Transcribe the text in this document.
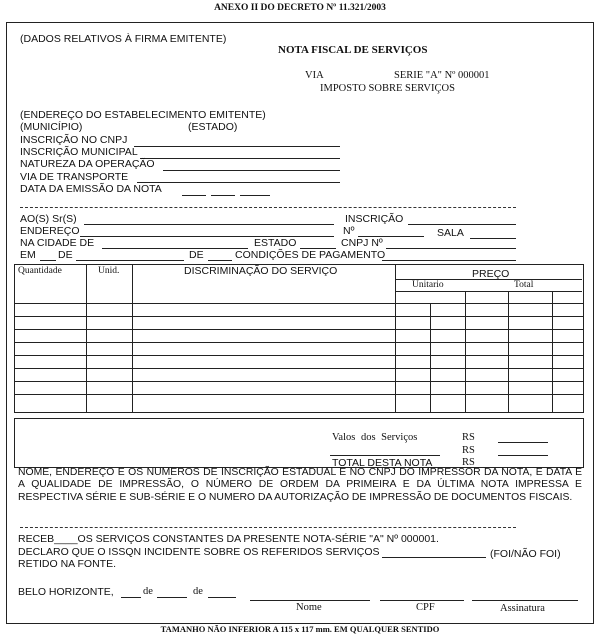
ANEXO II DO DECRETO Nº 11.321/2003
(DADOS RELATIVOS À FIRMA EMITENTE)
NOTA FISCAL DE SERVIÇOS
VIA	SERIE "A" Nº 000001
IMPOSTO SOBRE SERVIÇOS
(ENDEREÇO DO ESTABELECIMENTO EMITENTE)
(MUNICÍPIO)	(ESTADO)
INSCRIÇÃO NO CNPJ
INSCRIÇÃO MUNICIPAL
NATUREZA DA OPERAÇÃO
VIA DE TRANSPORTE
DATA DA EMISSÃO DA NOTA
AO(S) Sr(S)	INSCRIÇÃO
ENDEREÇO	Nº	SALA
NA CIDADE DE	ESTADO	CNPJ Nº
EM DE	DE	CONDIÇÕES DE PAGAMENTO
Quantidade	Unid.	DISCRIMINAÇÃO DO SERVIÇO	PREÇO
Unitario	Total
Valos dos Serviços	RS
RS
TOTAL DESTA NOTA	RS
NOME, ENDEREÇO E OS NUMEROS DE INSCRIÇÃO ESTADUAL E NO CNPJ DO IMPRESSOR DA NOTA, E DATA E A QUALIDADE DE IMPRESSÃO, O NÚMERO DE ORDEM DA PRIMEIRA E DA ÚLTIMA NOTA IMPRESSA E RESPECTIVA SÉRIE E SUB-SÉRIE E O NUMERO DA AUTORIZAÇÃO DE IMPRESSÃO DE DOCUMENTOS FISCAIS.
RECEB____OS SERVIÇOS CONSTANTES DA PRESENTE NOTA-SÉRIE "A" Nº 000001.
DECLARO QUE O ISSQN INCIDENTE SOBRE OS REFERIDOS SERVIÇOS	(FOI/NÃO FOI)
RETIDO NA FONTE.
BELO HORIZONTE,	de	de
Nome	CPF	Assinatura
TAMANHO NÃO INFERIOR A 115 x 117 mm. EM QUALQUER SENTIDO
